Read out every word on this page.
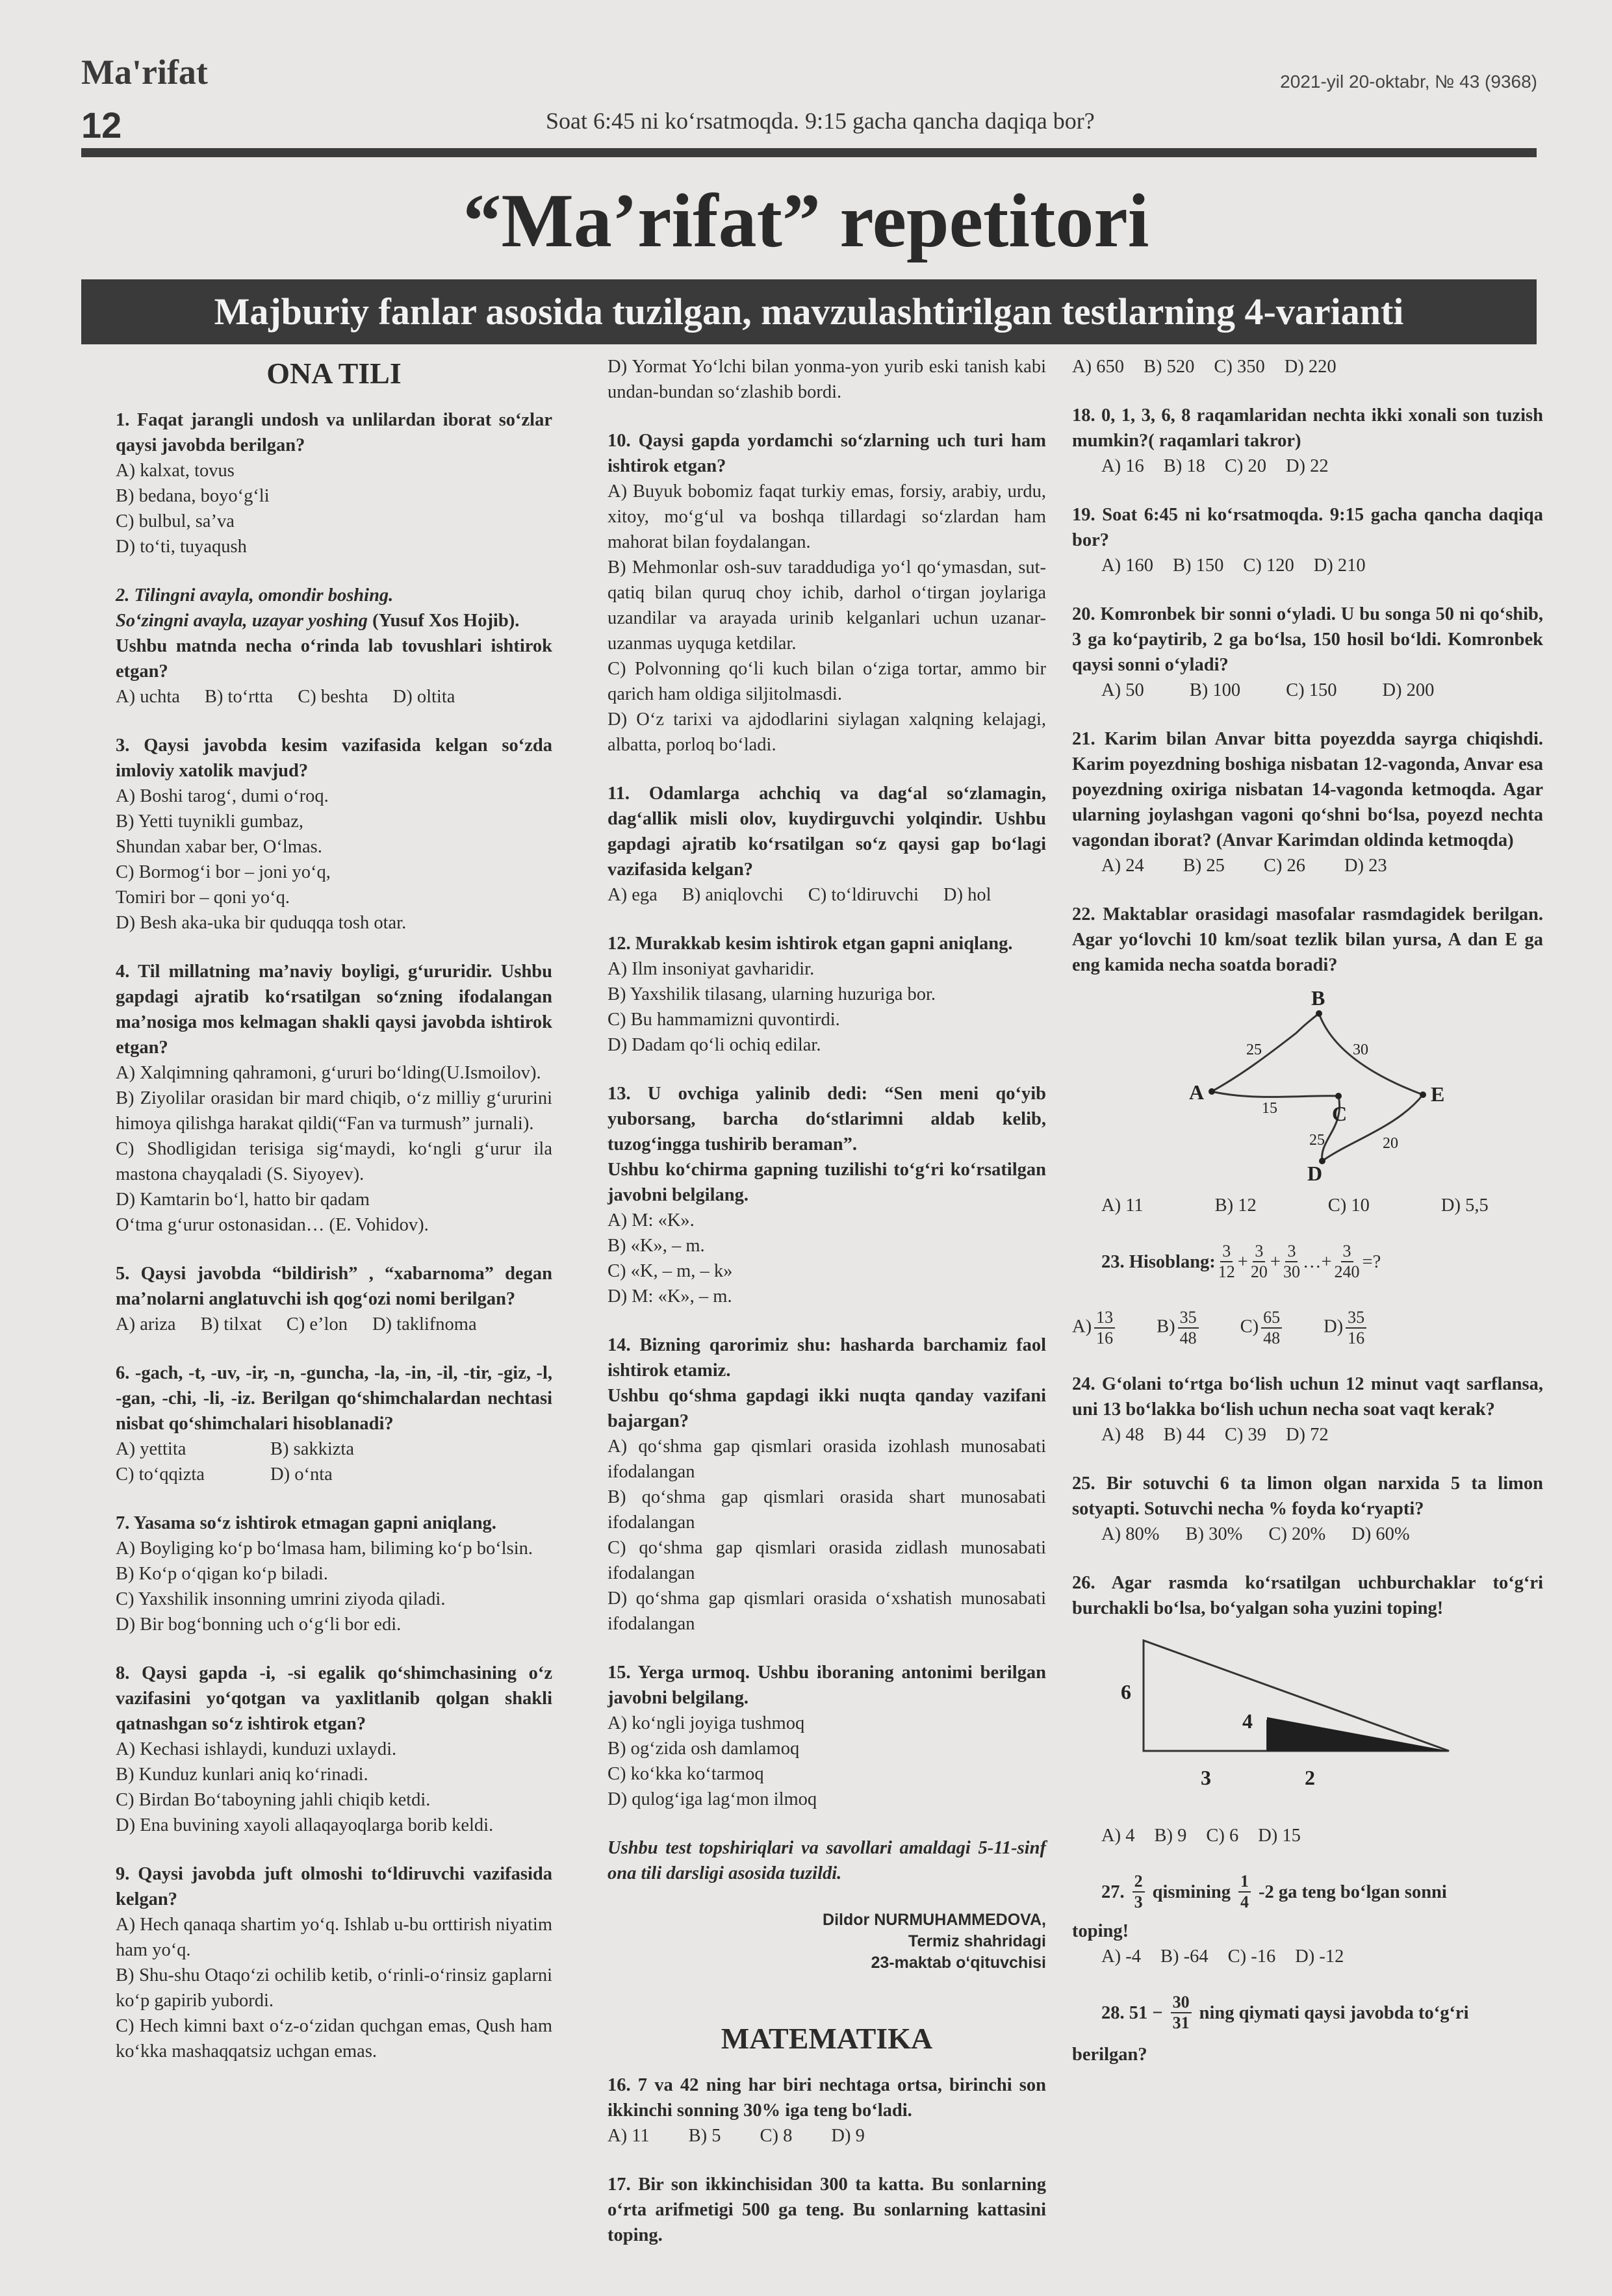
Ma'rifat	2021-yil 20-oktabr, № 43 (9368)
12	Soat 6:45 ni ko‘rsatmoqda. 9:15 gacha qancha daqiqa bor?
“Ma’rifat” repetitori
Majburiy fanlar asosida tuzilgan, mavzulashtirilgan testlarning 4-varianti
ONA TILI
1. Faqat jarangli undosh va unlilardan iborat so‘zlar qaysi javobda berilgan?
A) kalxat, tovus
B) bedana, boyo‘g‘li
C) bulbul, sa’va
D) to‘ti, tuyaqush
2. Tilingni avayla, omondir boshing.
So‘zingni avayla, uzayar yoshing (Yusuf Xos Hojib).
Ushbu matnda necha o‘rinda lab tovushlari ishtirok etgan?
A) uchta B) to‘rtta C) beshta D) oltita
3. Qaysi javobda kesim vazifasida kelgan so‘zda imloviy xatolik mavjud?
A) Boshi tarog‘, dumi o‘roq.
B) Yetti tuynikli gumbaz,
Shundan xabar ber, O‘lmas.
C) Bormog‘i bor – joni yo‘q,
Tomiri bor – qoni yo‘q.
D) Besh aka-uka bir quduqqa tosh otar.
4. Til millatning ma’naviy boyligi, g‘ururidir. Ushbu gapdagi ajratib ko‘rsatilgan so‘zning ifodalangan ma’nosiga mos kelmagan shakli qaysi javobda ishtirok etgan?
A) Xalqimning qahramoni, g‘ururi bo‘lding(U.Ismoilov).
B) Ziyolilar orasidan bir mard chiqib, o‘z milliy g‘ururini himoya qilishga harakat qildi(“Fan va turmush” jurnali).
C) Shodligidan terisiga sig‘maydi, ko‘ngli g‘urur ila mastona chayqaladi (S. Siyoyev).
D) Kamtarin bo‘l, hatto bir qadam
O‘tma g‘urur ostonasidan… (E. Vohidov).
5. Qaysi javobda “bildirish” , “xabarnoma” degan ma’nolarni anglatuvchi ish qog‘ozi nomi berilgan?
A) ariza B) tilxat C) e’lon D) taklifnoma
6. -gach, -t, -uv, -ir, -n, -guncha, -la, -in, -il, -tir, -giz, -l, -gan, -chi, -li, -iz. Berilgan qo‘shimchalardan nechtasi nisbat qo‘shimchalari hisoblanadi?
A) yettita	B) sakkizta
C) to‘qqizta	D) o‘nta
7. Yasama so‘z ishtirok etmagan gapni aniqlang.
A) Boyliging ko‘p bo‘lmasa ham, biliming ko‘p bo‘lsin.
B) Ko‘p o‘qigan ko‘p biladi.
C) Yaxshilik insonning umrini ziyoda qiladi.
D) Bir bog‘bonning uch o‘g‘li bor edi.
8. Qaysi gapda -i, -si egalik qo‘shimchasining o‘z vazifasini yo‘qotgan va yaxlitlanib qolgan shakli qatnashgan so‘z ishtirok etgan?
A) Kechasi ishlaydi, kunduzi uxlaydi.
B) Kunduz kunlari aniq ko‘rinadi.
C) Birdan Bo‘taboyning jahli chiqib ketdi.
D) Ena buvining xayoli allaqayoqlarga borib keldi.
9. Qaysi javobda juft olmoshi to‘ldiruvchi vazifasida kelgan?
A) Hech qanaqa shartim yo‘q. Ishlab u-bu orttirish niyatim ham yo‘q.
B) Shu-shu Otaqo‘zi ochilib ketib, o‘rinli-o‘rinsiz gaplarni ko‘p gapirib yubordi.
C) Hech kimni baxt o‘z-o‘zidan quchgan emas, Qush ham ko‘kka mashaqqatsiz uchgan emas.
D) Yormat Yo‘lchi bilan yonma-yon yurib eski tanish kabi undan-bundan so‘zlashib bordi.
10. Qaysi gapda yordamchi so‘zlarning uch turi ham ishtirok etgan?
A) Buyuk bobomiz faqat turkiy emas, forsiy, arabiy, urdu, xitoy, mo‘g‘ul va boshqa tillardagi so‘zlardan ham mahorat bilan foydalangan.
B) Mehmonlar osh-suv taraddudiga yo‘l qo‘ymasdan, sut-qatiq bilan quruq choy ichib, darhol o‘tirgan joylariga uzandilar va arayada urinib kelganlari uchun uzanar-uzanmas uyquga ketdilar.
C) Polvonning qo‘li kuch bilan o‘ziga tortar, ammo bir qarich ham oldiga siljitolmasdi.
D) O‘z tarixi va ajdodlarini siylagan xalqning kelajagi, albatta, porloq bo‘ladi.
11. Odamlarga achchiq va dag‘al so‘zlamagin, dag‘allik misli olov, kuydirguvchi yolqindir. Ushbu gapdagi ajratib ko‘rsatilgan so‘z qaysi gap bo‘lagi vazifasida kelgan?
A) ega B) aniqlovchi C) to‘ldiruvchi D) hol
12. Murakkab kesim ishtirok etgan gapni aniqlang.
A) Ilm insoniyat gavharidir.
B) Yaxshilik tilasang, ularning huzuriga bor.
C) Bu hammamizni quvontirdi.
D) Dadam qo‘li ochiq edilar.
13. U ovchiga yalinib dedi: “Sen meni qo‘yib yuborsang, barcha do‘stlarimni aldab kelib, tuzog‘ingga tushirib beraman”.
Ushbu ko‘chirma gapning tuzilishi to‘g‘ri ko‘rsatilgan javobni belgilang.
A) M: «K».
B) «K», – m.
C) «K, – m, – k»
D) M: «K», – m.
14. Bizning qarorimiz shu: hasharda barchamiz faol ishtirok etamiz.
Ushbu qo‘shma gapdagi ikki nuqta qanday vazifani bajargan?
A) qo‘shma gap qismlari orasida izohlash munosabati ifodalangan
B) qo‘shma gap qismlari orasida shart munosabati ifodalangan
C) qo‘shma gap qismlari orasida zidlash munosabati ifodalangan
D) qo‘shma gap qismlari orasida o‘xshatish munosabati ifodalangan
15. Yerga urmoq. Ushbu iboraning antonimi berilgan javobni belgilang.
A) ko‘ngli joyiga tushmoq
B) og‘zida osh damlamoq
C) ko‘kka ko‘tarmoq
D) qulog‘iga lag‘mon ilmoq
Ushbu test topshiriqlari va savollari amaldagi 5-11-sinf ona tili darsligi asosida tuzildi.
Dildor NURMUHAMMEDOVA,
Termiz shahridagi
23-maktab o‘qituvchisi
MATEMATIKA
16. 7 va 42 ning har biri nechtaga ortsa, birinchi son ikkinchi sonning 30% iga teng bo‘ladi.
A) 11 B) 5 C) 8 D) 9
17. Bir son ikkinchisidan 300 ta katta. Bu sonlarning o‘rta arifmetigi 500 ga teng. Bu sonlarning kattasini toping.
A) 650 B) 520 C) 350 D) 220
18. 0, 1, 3, 6, 8 raqamlaridan nechta ikki xonali son tuzish mumkin?( raqamlari takror)
A) 16 B) 18 C) 20 D) 22
19. Soat 6:45 ni ko‘rsatmoqda. 9:15 gacha qancha daqiqa bor?
A) 160 B) 150 C) 120 D) 210
20. Komronbek bir sonni o‘yladi. U bu songa 50 ni qo‘shib, 3 ga ko‘paytirib, 2 ga bo‘lsa, 150 hosil bo‘ldi. Komronbek qaysi sonni o‘yladi?
A) 50 B) 100 C) 150 D) 200
21. Karim bilan Anvar bitta poyezdda sayrga chiqishdi. Karim poyezdning boshiga nisbatan 12-vagonda, Anvar esa poyezdning oxiriga nisbatan 14-vagonda ketmoqda. Agar ularning joylashgan vagoni qo‘shni bo‘lsa, poyezd nechta vagondan iborat? (Anvar Karimdan oldinda ketmoqda)
A) 24 B) 25 C) 26 D) 23
22. Maktablar orasidagi masofalar rasmdagidek berilgan. Agar yo‘lovchi 10 km/soat tezlik bilan yursa, A dan E ga eng kamida necha soatda boradi?
A
B
C
D
E
25	30
15
25	20
A) 11	B) 12	C) 10	D) 5,5
23. Hisoblang: $\frac{3}{12} + \frac{3}{20} + \frac{3}{30}$ …+ $\frac{3}{240}$ =?
$A) \frac{13}{16} B) \frac{35}{48} C) \frac{65}{48} D) \frac{35}{16}$
24. G‘olani to‘rtga bo‘lish uchun 12 minut vaqt sarflansa, uni 13 bo‘lakka bo‘lish uchun necha soat vaqt kerak?
A) 48 B) 44 C) 39 D) 72
25. Bir sotuvchi 6 ta limon olgan narxida 5 ta limon sotyapti. Sotuvchi necha % foyda ko‘ryapti?
A) 80% B) 30% C) 20% D) 60%
26. Agar rasmda ko‘rsatilgan uchburchaklar to‘g‘ri burchakli bo‘lsa, bo‘yalgan soha yuzini toping!
6
4
3	2
A) 4 B) 9 C) 6 D) 15
27. $\frac{2}{3}$ qismining $\frac{1}{4} -2$ ga teng bo‘lgan sonni
toping!
A) -4 B) -64 C) -16 D) -12
28. $51 - \frac{30}{31}$ ning qiymati qaysi javobda to‘g‘ri
berilgan?
